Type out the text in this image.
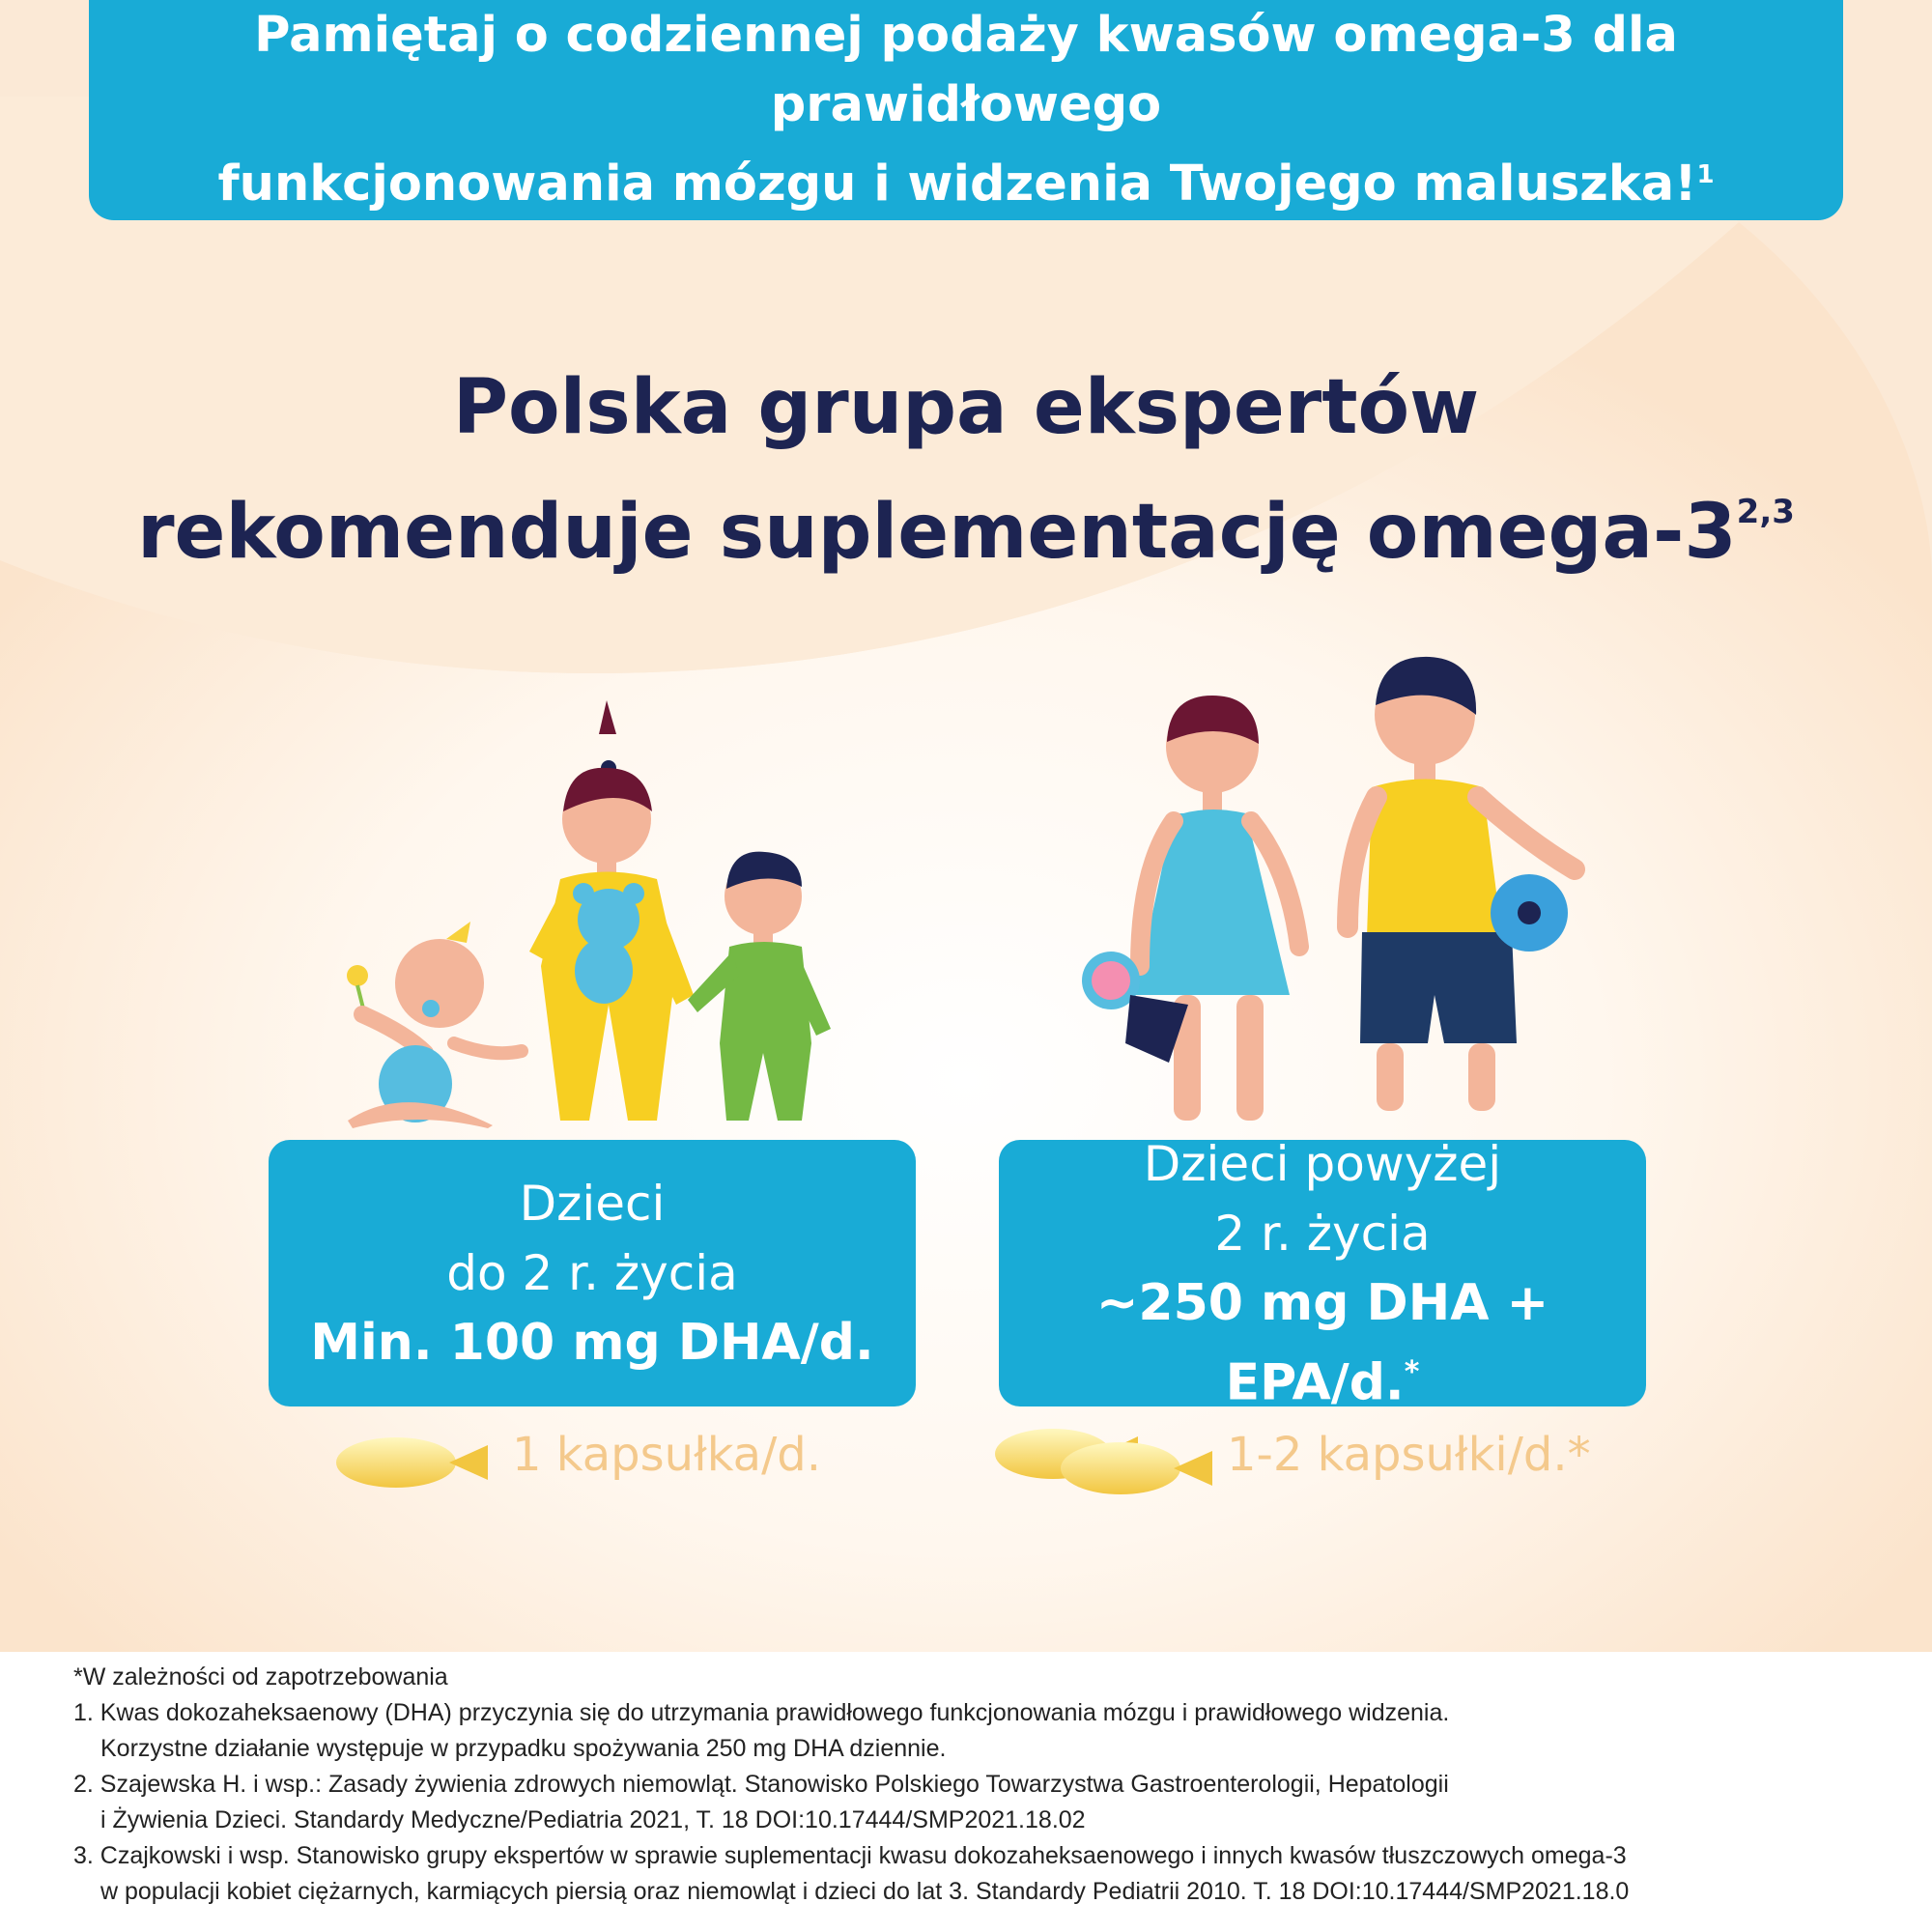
Pamiętaj o codziennej podaży kwasów omega-3 dla prawidłowego
funkcjonowania mózgu i widzenia Twojego maluszka!$^1$
Polska grupa ekspertów
rekomenduje suplementację omega-3$^{2,3}$
Dzieci
do 2 r. życia
Min. 100 mg DHA/d.
Dzieci powyżej
2 r. życia
~250 mg DHA + EPA/d.*
1 kapsułka/d.	1-2 kapsułki/d.*

*W zależności od zapotrzebowania

1. Kwas dokozaheksaenowy (DHA) przyczynia się do utrzymania prawidłowego funkcjonowania mózgu i prawidłowego widzenia.
Korzystne działanie występuje w przypadku spożywania 250 mg DHA dziennie.

2. Szajewska H. i wsp.: Zasady żywienia zdrowych niemowląt. Stanowisko Polskiego Towarzystwa Gastroenterologii, Hepatologii
i Żywienia Dzieci. Standardy Medyczne/Pediatria 2021, T. 18 DOI:10.17444/SMP2021.18.02

3. Czajkowski i wsp. Stanowisko grupy ekspertów w sprawie suplementacji kwasu dokozaheksaenowego i innych kwasów tłuszczowych omega-3
w populacji kobiet ciężarnych, karmiących piersią oraz niemowląt i dzieci do lat 3. Standardy Pediatrii 2010. T. 18 DOI:10.17444/SMP2021.18.0
